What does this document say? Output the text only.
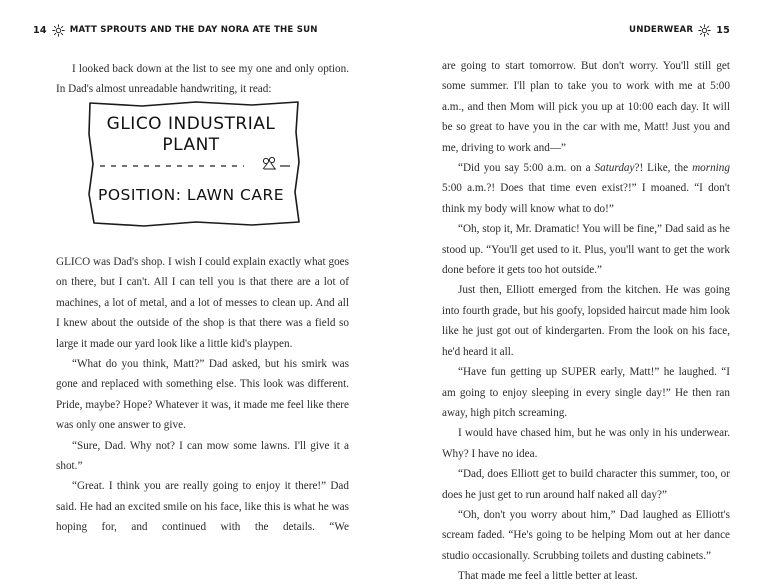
14	MATT SPROUTS AND THE DAY NORA ATE THE SUN

I looked back down at the list to see my one and only option. In Dad's almost unreadable handwriting, it read:

GLICO INDUSTRIAL
PLANT
POSITION: LAWN CARE

GLICO was Dad's shop. I wish I could explain exactly what goes on there, but I can't. All I can tell you is that there are a lot of machines, a lot of metal, and a lot of messes to clean up. And all I knew about the outside of the shop is that there was a field so large it made our yard look like a little kid's playpen.

“What do you think, Matt?” Dad asked, but his smirk was gone and replaced with something else. This look was different. Pride, maybe? Hope? Whatever it was, it made me feel like there was only one answer to give.

“Sure, Dad. Why not? I can mow some lawns. I'll give it a shot.”

“Great. I think you are really going to enjoy it there!” Dad said. He had an excited smile on his face, like this is what he was hoping for, and continued with the details. “We

UNDERWEAR 15

are going to start tomorrow. But don't worry. You'll still get some summer. I'll plan to take you to work with me at 5:00 a.m., and then Mom will pick you up at 10:00 each day. It will be so great to have you in the car with me, Matt! Just you and me, driving to work and—”

“Did you say 5:00 a.m. on a Saturday?! Like, the morning 5:00 a.m.?! Does that time even exist?!” I moaned. “I don't think my body will know what to do!”

“Oh, stop it, Mr. Dramatic! You will be fine,” Dad said as he stood up. “You'll get used to it. Plus, you'll want to get the work done before it gets too hot outside.”

Just then, Elliott emerged from the kitchen. He was going into fourth grade, but his goofy, lopsided haircut made him look like he just got out of kindergarten. From the look on his face, he'd heard it all.

“Have fun getting up SUPER early, Matt!” he laughed. “I am going to enjoy sleeping in every single day!” He then ran away, high pitch screaming.

I would have chased him, but he was only in his underwear. Why? I have no idea.

“Dad, does Elliott get to build character this summer, too, or does he just get to run around half naked all day?”

“Oh, don't you worry about him,” Dad laughed as Elliott's scream faded. “He's going to be helping Mom out at her dance studio occasionally. Scrubbing toilets and dusting cabinets.”

That made me feel a little better at least.
